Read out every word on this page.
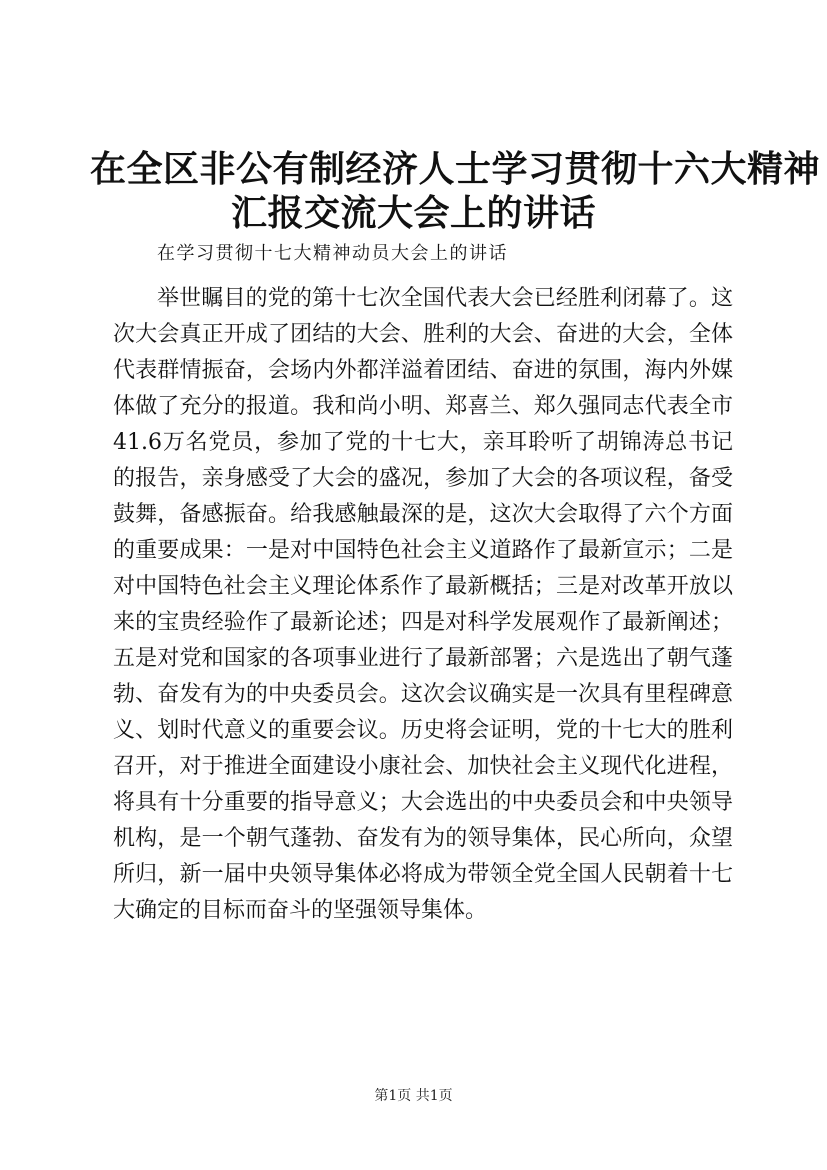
在全区非公有制经济人士学习贯彻十六大精神
汇报交流大会上的讲话
在学习贯彻十七大精神动员大会上的讲话
举世瞩目的党的第十七次全国代表大会已经胜利闭幕了。这
次大会真正开成了团结的大会、胜利的大会、奋进的大会，全体
代表群情振奋，会场内外都洋溢着团结、奋进的氛围，海内外媒
体做了充分的报道。我和尚小明、郑喜兰、郑久强同志代表全市
41.6万名党员，参加了党的十七大，亲耳聆听了胡锦涛总书记
的报告，亲身感受了大会的盛况，参加了大会的各项议程，备受
鼓舞，备感振奋。给我感触最深的是，这次大会取得了六个方面
的重要成果：一是对中国特色社会主义道路作了最新宣示；二是
对中国特色社会主义理论体系作了最新概括；三是对改革开放以
来的宝贵经验作了最新论述；四是对科学发展观作了最新阐述；
五是对党和国家的各项事业进行了最新部署；六是选出了朝气蓬
勃、奋发有为的中央委员会。这次会议确实是一次具有里程碑意
义、划时代意义的重要会议。历史将会证明，党的十七大的胜利
召开，对于推进全面建设小康社会、加快社会主义现代化进程，
将具有十分重要的指导意义；大会选出的中央委员会和中央领导
机构，是一个朝气蓬勃、奋发有为的领导集体，民心所向，众望
所归，新一届中央领导集体必将成为带领全党全国人民朝着十七
大确定的目标而奋斗的坚强领导集体。
第1页 共1页
